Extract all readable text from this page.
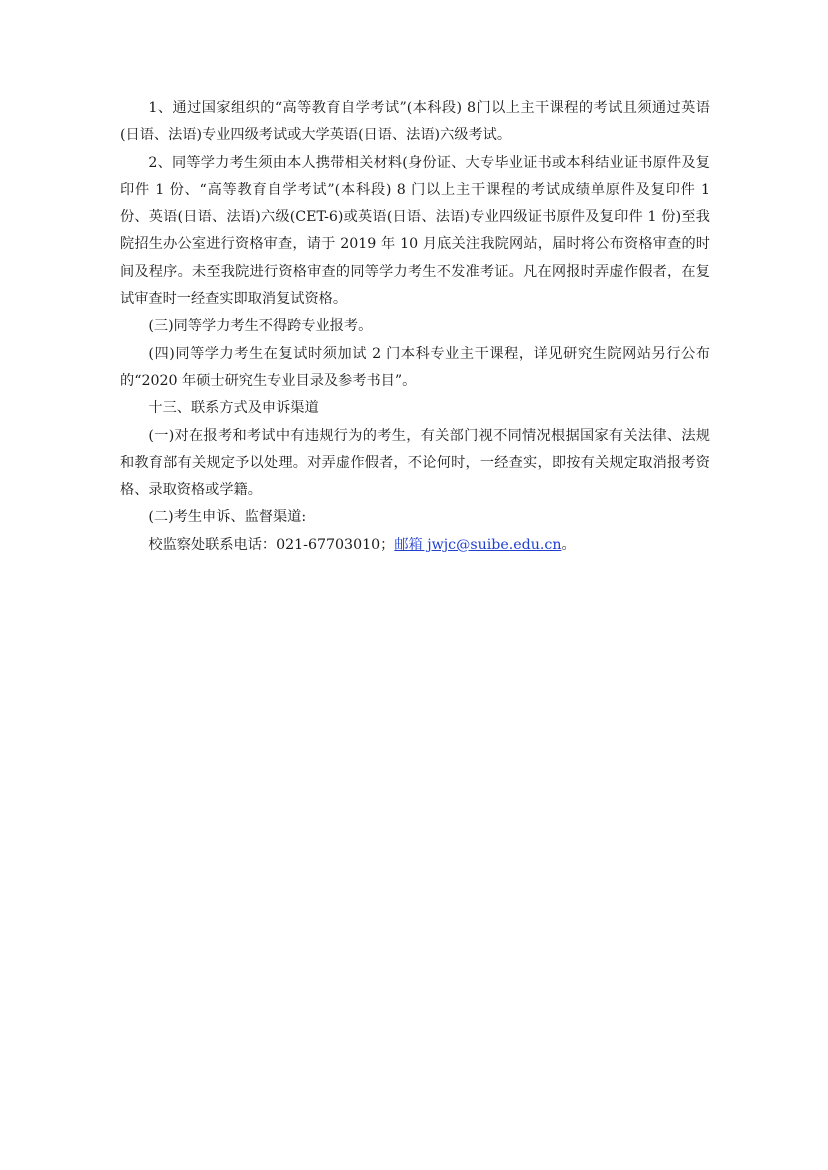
1、通过国家组织的“高等教育自学考试”(本科段) 8门以上主干课程的考试且须通过英语(日语、法语)专业四级考试或大学英语(日语、法语)六级考试。

2、同等学力考生须由本人携带相关材料(身份证、大专毕业证书或本科结业证书原件及复印件 1 份、“高等教育自学考试”(本科段) 8 门以上主干课程的考试成绩单原件及复印件 1 份、英语(日语、法语)六级(CET-6)或英语(日语、法语)专业四级证书原件及复印件 1 份)至我院招生办公室进行资格审查，请于 2019 年 10 月底关注我院网站，届时将公布资格审查的时间及程序。未至我院进行资格审查的同等学力考生不发准考证。凡在网报时弄虚作假者，在复试审查时一经查实即取消复试资格。

(三)同等学力考生不得跨专业报考。

(四)同等学力考生在复试时须加试 2 门本科专业主干课程，详见研究生院网站另行公布的“2020 年硕士研究生专业目录及参考书目”。

十三、联系方式及申诉渠道

(一)对在报考和考试中有违规行为的考生，有关部门视不同情况根据国家有关法律、法规和教育部有关规定予以处理。对弄虚作假者，不论何时，一经查实，即按有关规定取消报考资格、录取资格或学籍。

(二)考生申诉、监督渠道:

校监察处联系电话：021-67703010；邮箱 jwjc@suibe.edu.cn。
